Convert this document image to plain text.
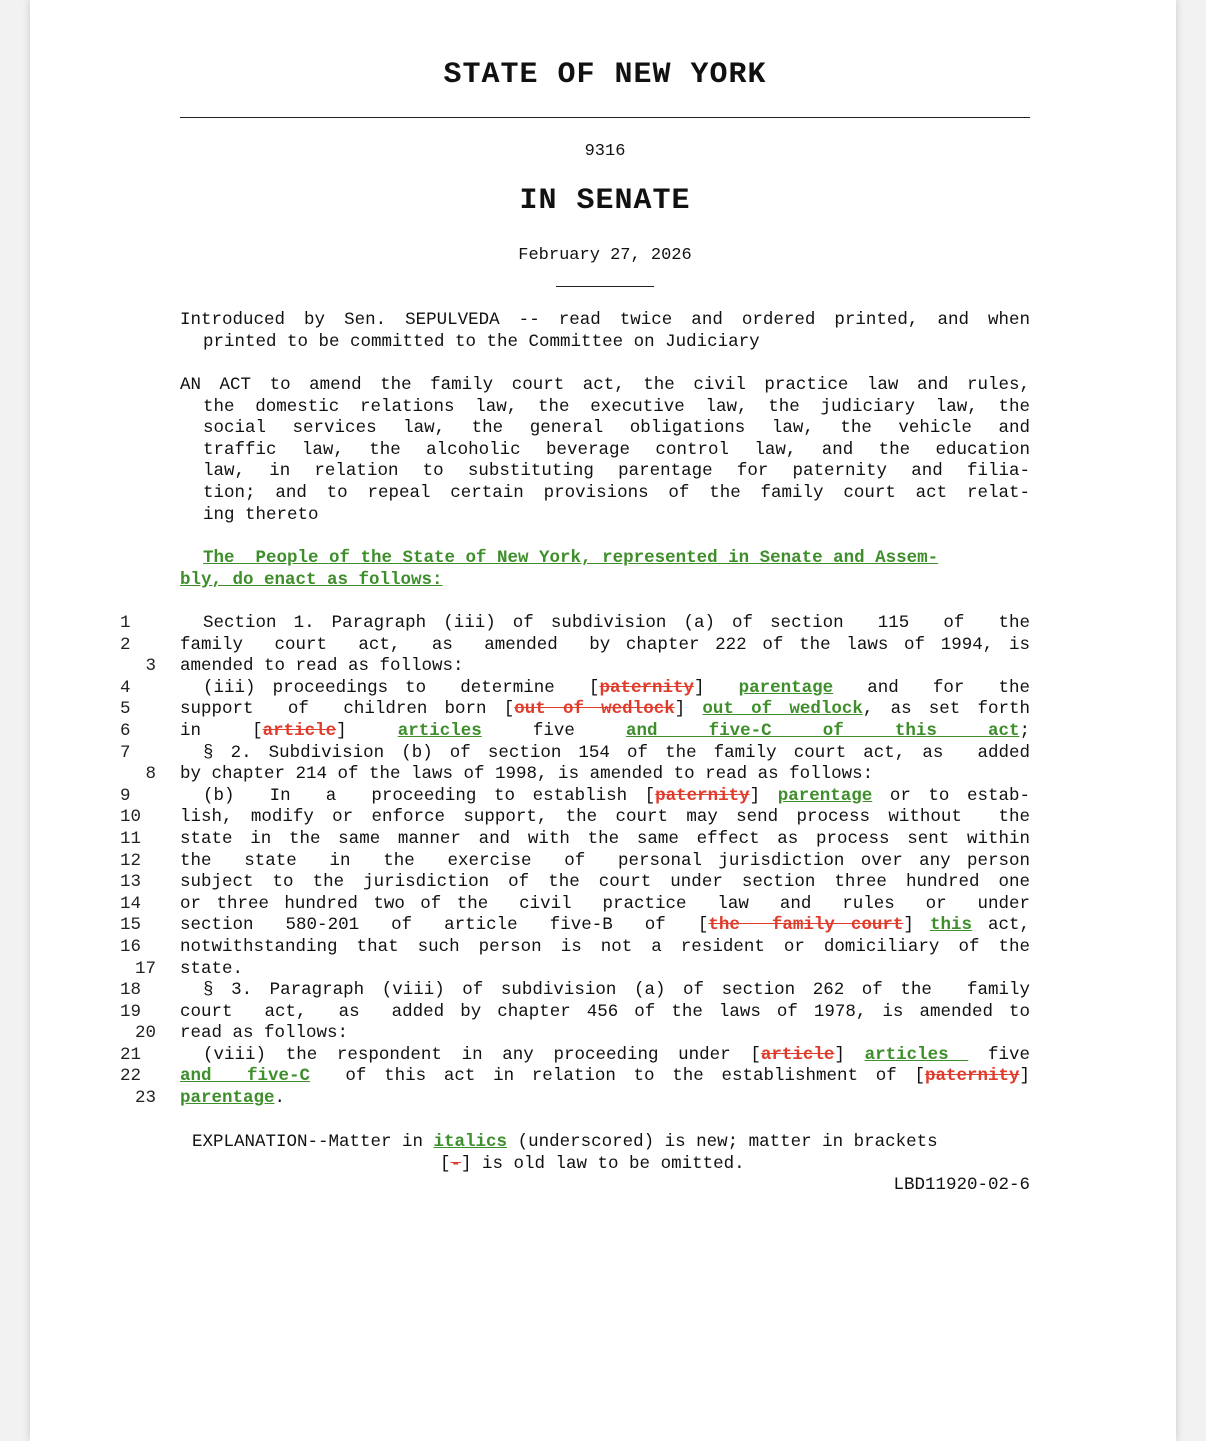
STATE OF NEW YORK
9316
IN SENATE
February 27, 2026
Introduced by Sen. SEPULVEDA -- read twice and ordered printed, and when
printed to be committed to the Committee on Judiciary
AN ACT to amend the family court act, the civil practice law and rules,
the domestic relations law, the executive law, the judiciary law, the
social services law, the general obligations law, the vehicle and
traffic law, the alcoholic beverage control law, and the education
law, in relation to substituting parentage for paternity and filia-
tion; and to repeal certain provisions of the family court act relat-
ing thereto
The  People of the State of New York, represented in Senate and Assem-
bly, do enact as follows:
1	Section 1. Paragraph (iii) of subdivision (a) of section  115  of  the
2	family  court  act,  as  amended  by chapter 222 of the laws of 1994, is
3 amended to read as follows:
4	(iii) proceedings to  determine  [paternity]  parentage  and  for  the
5	support  of  children born [out of wedlock] out of wedlock, as set forth
6	in [article] articles five and five-C of this act;
7	§ 2. Subdivision (b) of section 154 of the family court act, as  added
8 by chapter 214 of the laws of 1998, is amended to read as follows:
9	(b)  In  a  proceeding to establish [paternity] parentage or to estab-
10	lish, modify or enforce support, the court may send process without  the
11	state in the same manner and with the same effect as process sent within
12	the  state  in  the  exercise  of  personal jurisdiction over any person
13	subject to the jurisdiction of the court under section three hundred one
14	or three hundred two of the  civil  practice  law  and  rules  or  under
15	section  580-201  of  article  five-B  of  [the  family court] this act,
16	notwithstanding that such person is not a resident or domiciliary of the
17 state.
18	§ 3. Paragraph (viii) of subdivision (a) of section 262 of the  family
19	court  act,  as  added by chapter 456 of the laws of 1978, is amended to
20 read as follows:
21	(viii) the respondent in any proceeding under [article] articles  five
22	and  five-C  of this act in relation to the establishment of [paternity]
23 parentage.
EXPLANATION--Matter in italics (underscored) is new; matter in brackets
[-] is old law to be omitted.
LBD11920-02-6
